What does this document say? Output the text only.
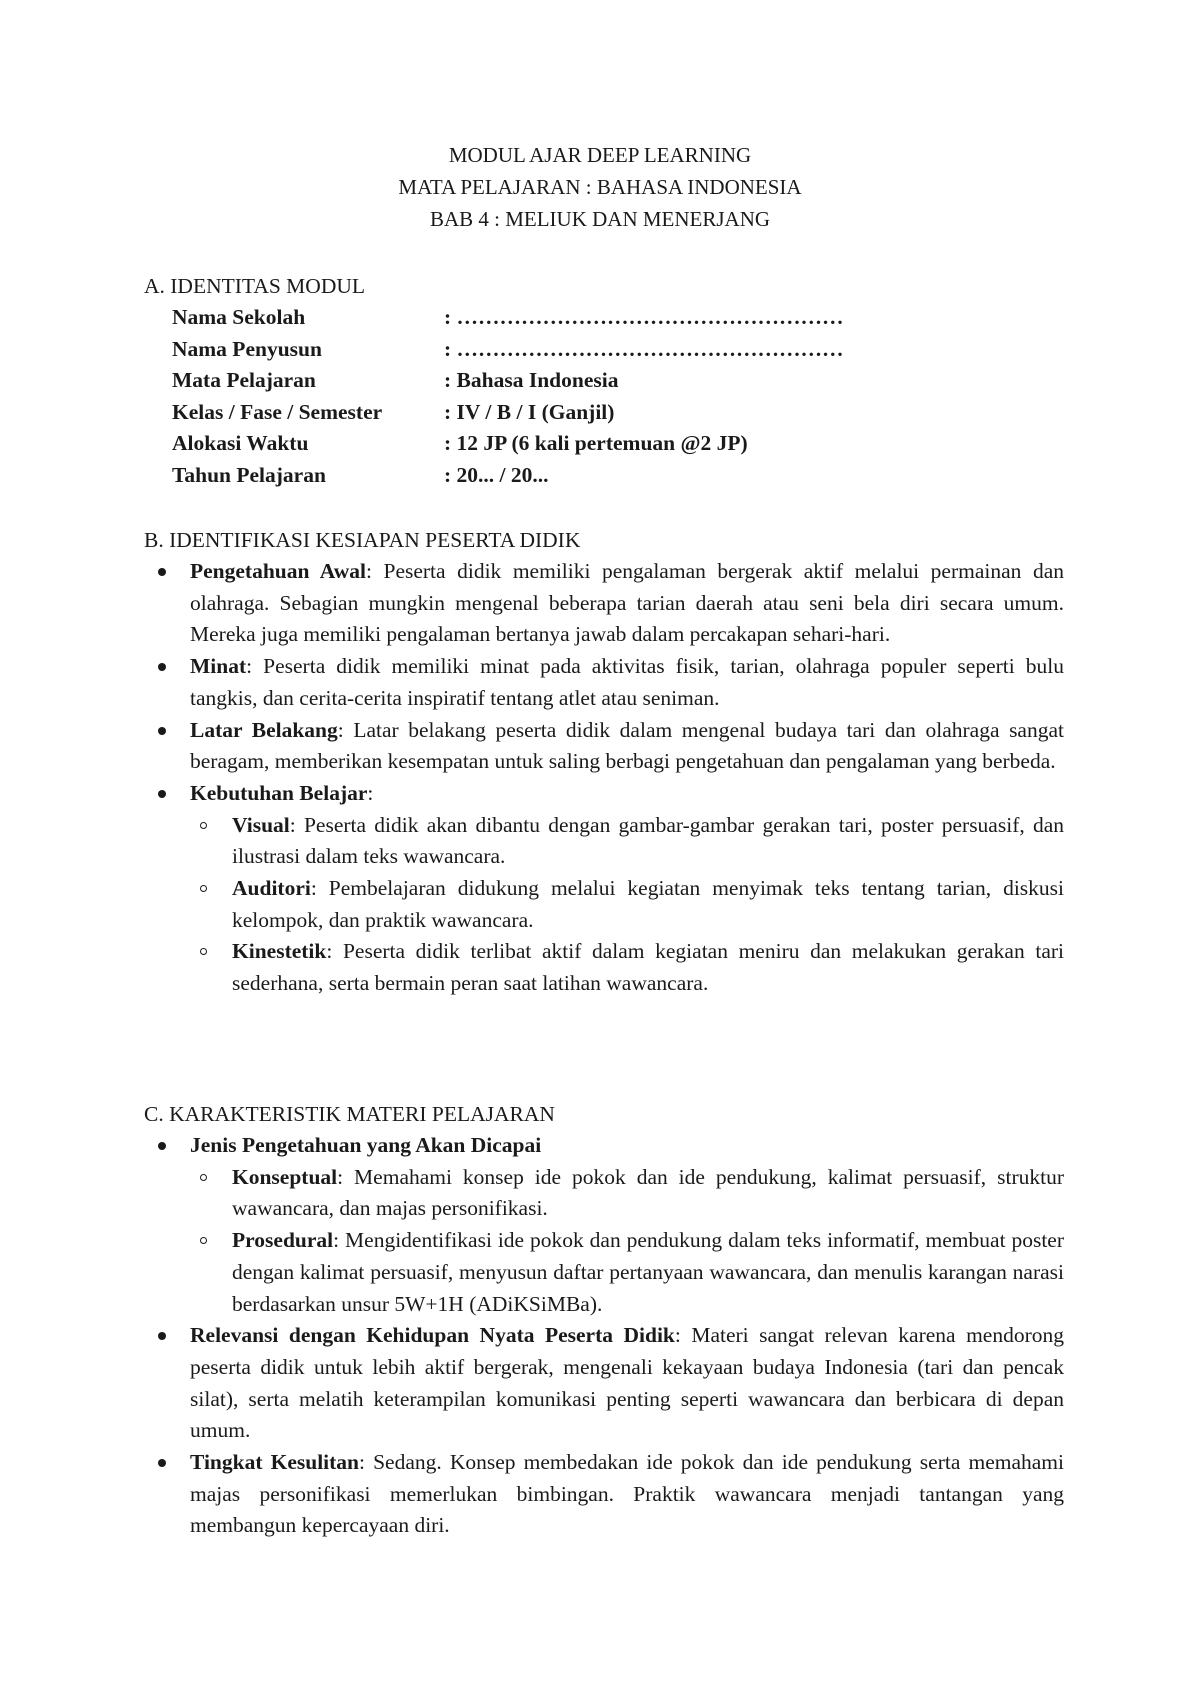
MODUL AJAR DEEP LEARNING
MATA PELAJARAN : BAHASA INDONESIA
BAB 4 : MELIUK DAN MENERJANG
A. IDENTITAS MODUL
Nama Sekolah	: ………………………………………………
Nama Penyusun	: ………………………………………………
Mata Pelajaran	: Bahasa Indonesia
Kelas / Fase / Semester	: IV / B / I (Ganjil)
Alokasi Waktu	: 12 JP (6 kali pertemuan @2 JP)
Tahun Pelajaran	: 20... / 20...
B. IDENTIFIKASI KESIAPAN PESERTA DIDIK
Pengetahuan Awal: Peserta didik memiliki pengalaman bergerak aktif melalui permainan dan olahraga. Sebagian mungkin mengenal beberapa tarian daerah atau seni bela diri secara umum. Mereka juga memiliki pengalaman bertanya jawab dalam percakapan sehari-hari.
Minat: Peserta didik memiliki minat pada aktivitas fisik, tarian, olahraga populer seperti bulu tangkis, dan cerita-cerita inspiratif tentang atlet atau seniman.
Latar Belakang: Latar belakang peserta didik dalam mengenal budaya tari dan olahraga sangat beragam, memberikan kesempatan untuk saling berbagi pengetahuan dan pengalaman yang berbeda.
Kebutuhan Belajar:
Visual: Peserta didik akan dibantu dengan gambar-gambar gerakan tari, poster persuasif, dan ilustrasi dalam teks wawancara.
Auditori: Pembelajaran didukung melalui kegiatan menyimak teks tentang tarian, diskusi kelompok, dan praktik wawancara.
Kinestetik: Peserta didik terlibat aktif dalam kegiatan meniru dan melakukan gerakan tari sederhana, serta bermain peran saat latihan wawancara.
C. KARAKTERISTIK MATERI PELAJARAN
Jenis Pengetahuan yang Akan Dicapai
Konseptual: Memahami konsep ide pokok dan ide pendukung, kalimat persuasif, struktur wawancara, dan majas personifikasi.
Prosedural: Mengidentifikasi ide pokok dan pendukung dalam teks informatif, membuat poster dengan kalimat persuasif, menyusun daftar pertanyaan wawancara, dan menulis karangan narasi berdasarkan unsur 5W+1H (ADiKSiMBa).
Relevansi dengan Kehidupan Nyata Peserta Didik: Materi sangat relevan karena mendorong peserta didik untuk lebih aktif bergerak, mengenali kekayaan budaya Indonesia (tari dan pencak silat), serta melatih keterampilan komunikasi penting seperti wawancara dan berbicara di depan umum.
Tingkat Kesulitan: Sedang. Konsep membedakan ide pokok dan ide pendukung serta memahami majas personifikasi memerlukan bimbingan. Praktik wawancara menjadi tantangan yang membangun kepercayaan diri.
